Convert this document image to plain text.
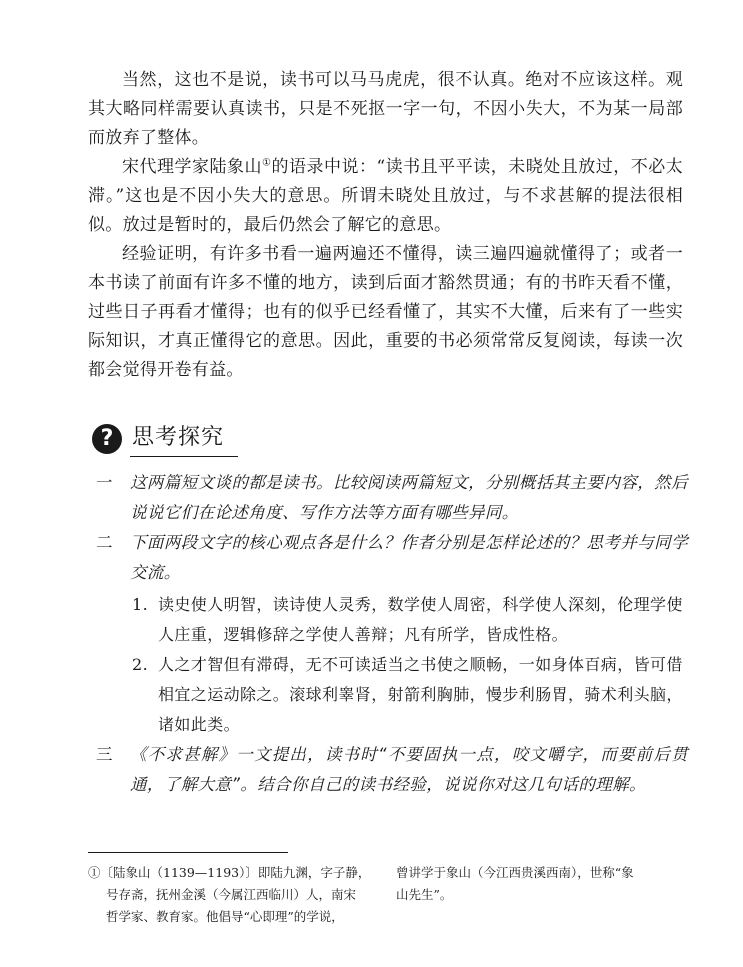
当然，这也不是说，读书可以马马虎虎，很不认真。绝对不应该这样。观其大略同样需要认真读书，只是不死抠一字一句，不因小失大，不为某一局部而放弃了整体。

宋代理学家陆象山①的语录中说：“读书且平平读，未晓处且放过，不必太滞。”这也是不因小失大的意思。所谓未晓处且放过，与不求甚解的提法很相似。放过是暂时的，最后仍然会了解它的意思。

经验证明，有许多书看一遍两遍还不懂得，读三遍四遍就懂得了；或者一本书读了前面有许多不懂的地方，读到后面才豁然贯通；有的书昨天看不懂，过些日子再看才懂得；也有的似乎已经看懂了，其实不大懂，后来有了一些实际知识，才真正懂得它的意思。因此，重要的书必须常常反复阅读，每读一次都会觉得开卷有益。

? 思考探究
一 这两篇短文谈的都是读书。比较阅读两篇短文，分别概括其主要内容，然后说说它们在论述角度、写作方法等方面有哪些异同。
二 下面两段文字的核心观点各是什么？作者分别是怎样论述的？思考并与同学交流。
1. 读史使人明智，读诗使人灵秀，数学使人周密，科学使人深刻，伦理学使人庄重，逻辑修辞之学使人善辩；凡有所学，皆成性格。
2. 人之才智但有滞碍，无不可读适当之书使之顺畅，一如身体百病，皆可借相宜之运动除之。滚球利睾肾，射箭利胸肺，慢步利肠胃，骑术利头脑，诸如此类。
三 《不求甚解》一文提出，读书时“不要固执一点，咬文嚼字，而要前后贯通，了解大意”。结合你自己的读书经验，说说你对这几句话的理解。
①〔陆象山（1139—1193）〕即陆九渊，字子静，
号存斋，抚州金溪（今属江西临川）人，南宋
哲学家、教育家。他倡导“心即理”的学说，
曾讲学于象山（今江西贵溪西南），世称“象
山先生”。
